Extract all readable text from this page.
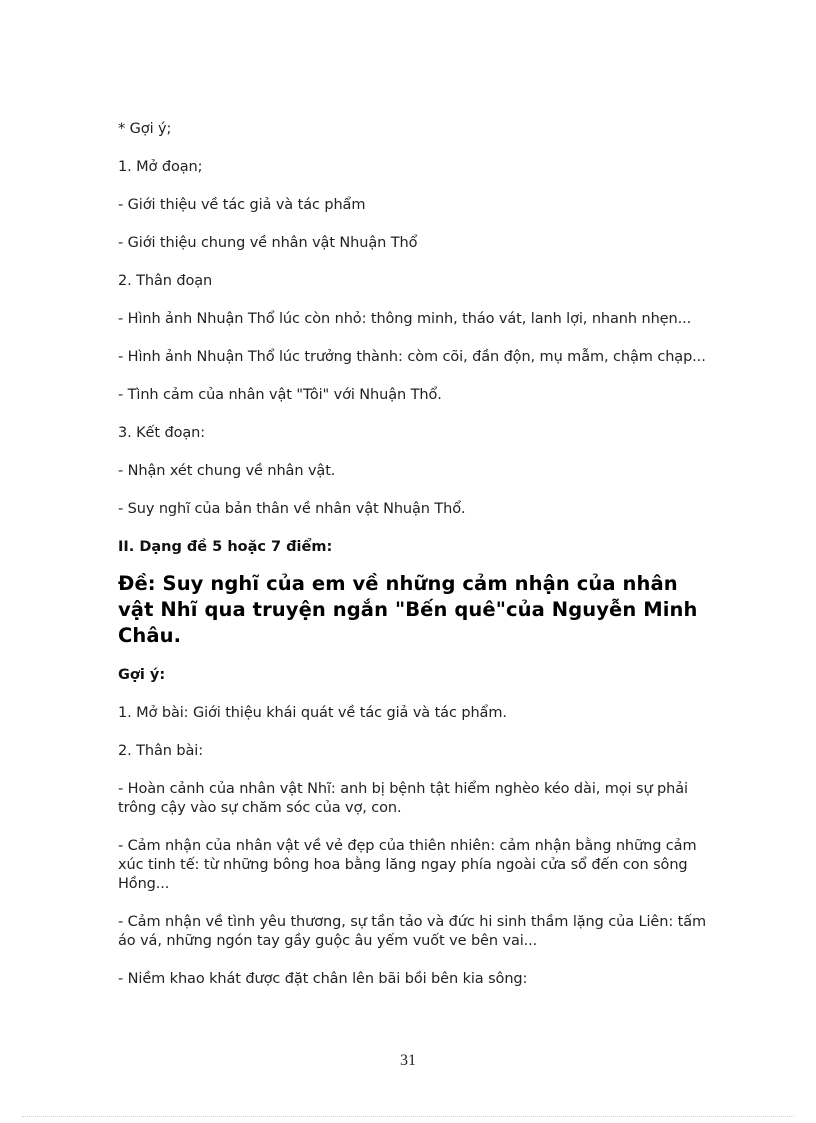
* Gợi ý;

1. Mở đoạn;

- Giới thiệu về tác giả và tác phẩm

- Giới thiệu chung về nhân vật Nhuận Thổ

2. Thân đoạn

- Hình ảnh Nhuận Thổ lúc còn nhỏ: thông minh, tháo vát, lanh lợi, nhanh nhẹn...

- Hình ảnh Nhuận Thổ lúc trưởng thành: còm cõi, đần độn, mụ mẫm, chậm chạp...

- Tình cảm của nhân vật "Tôi" với Nhuận Thổ.

3. Kết đoạn:

- Nhận xét chung về nhân vật.

- Suy nghĩ của bản thân về nhân vật Nhuận Thổ.

II. Dạng đề 5 hoặc 7 điểm:

Đề: Suy nghĩ của em về những cảm nhận của nhân vật Nhĩ qua truyện ngắn "Bến quê"của Nguyễn Minh Châu.

Gợi ý:

1. Mở bài: Giới thiệu khái quát về tác giả và tác phẩm.

2. Thân bài:

- Hoàn cảnh của nhân vật Nhĩ: anh bị bệnh tật hiểm nghèo kéo dài, mọi sự phải trông cậy vào sự chăm sóc của vợ, con.

- Cảm nhận của nhân vật về vẻ đẹp của thiên nhiên: cảm nhận bằng những cảm xúc tinh tế: từ những bông hoa bằng lăng ngay phía ngoài cửa sổ đến con sông Hồng...

- Cảm nhận về tình yêu thương, sự tần tảo và đức hi sinh thầm lặng của Liên: tấm áo vá, những ngón tay gầy guộc âu yếm vuốt ve bên vai...

- Niềm khao khát được đặt chân lên bãi bồi bên kia sông:

31
